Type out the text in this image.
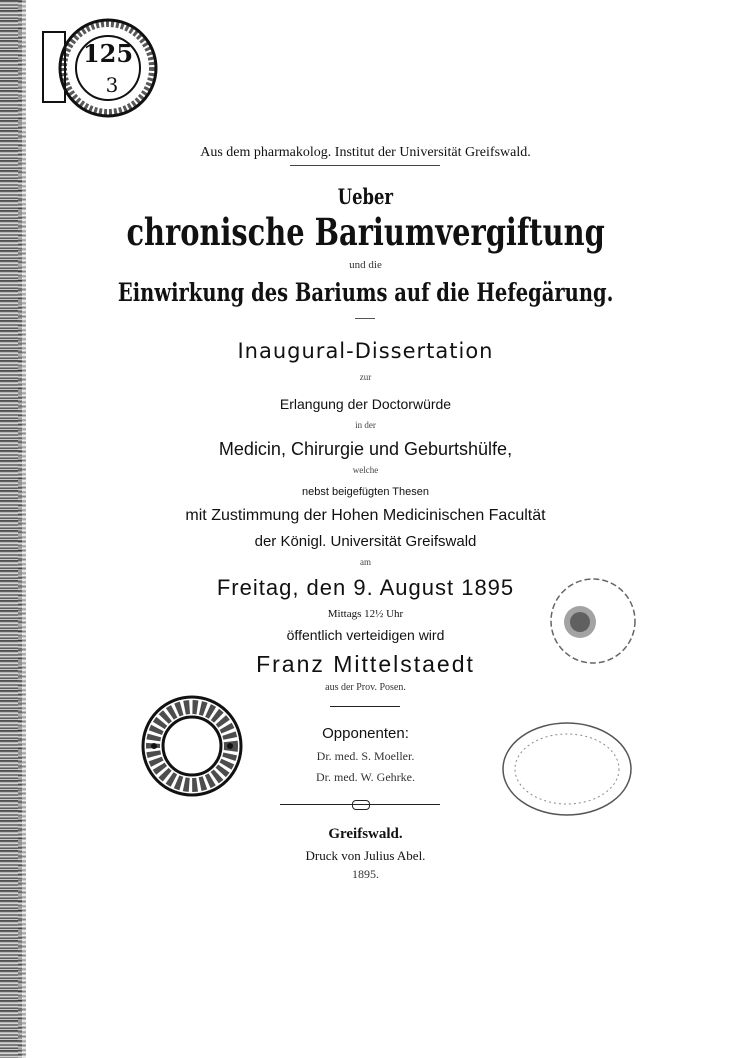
125
3
Aus dem pharmakolog. Institut der Universität Greifswald.
Ueber
chronische Bariumvergiftung
und die
Einwirkung des Bariums auf die Hefegärung.
Inaugural-Dissertation
zur
Erlangung der Doctorwürde
in der
Medicin, Chirurgie und Geburtshülfe,
welche
nebst beigefügten Thesen
mit Zustimmung der Hohen Medicinischen Facultät
der Königl. Universität Greifswald
am
Freitag, den 9. August 1895
Mittags 12½ Uhr
öffentlich verteidigen wird
Franz Mittelstaedt
aus der Prov. Posen.
Opponenten:
Dr. med. S. Moeller.
Dr. med. W. Gehrke.
Greifswald.
Druck von Julius Abel.
1895.
